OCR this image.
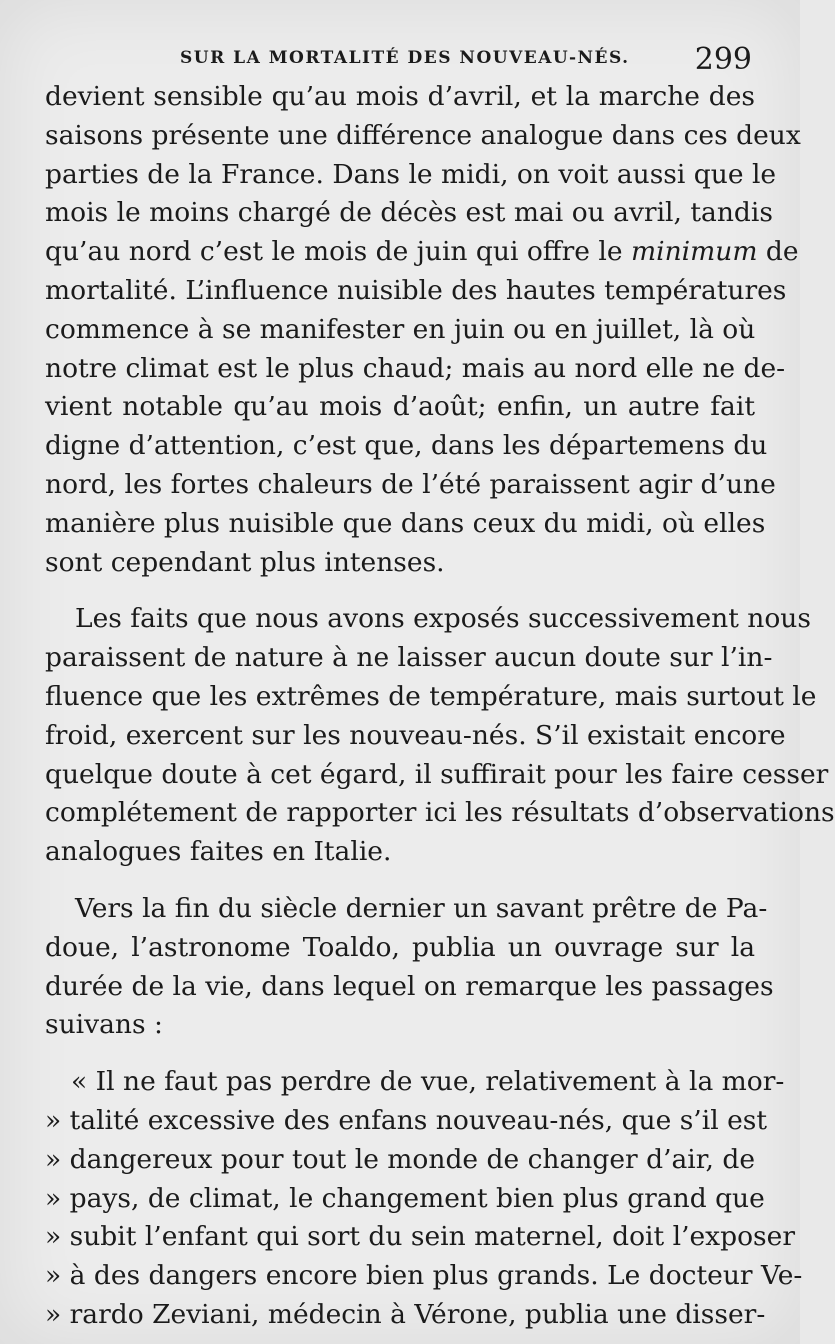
SUR LA MORTALITÉ DES NOUVEAU-NÉS. 299

devient sensible qu’au mois d’avril, et la marche des
saisons présente une différence analogue dans ces deux
parties de la France. Dans le midi, on voit aussi que le
mois le moins chargé de décès est mai ou avril, tandis
qu’au nord c’est le mois de juin qui offre le minimum de
mortalité. L’influence nuisible des hautes températures
commence à se manifester en juin ou en juillet, là où
notre climat est le plus chaud; mais au nord elle ne de-
vient notable qu’au mois d’août; enfin, un autre fait
digne d’attention, c’est que, dans les départemens du
nord, les fortes chaleurs de l’été paraissent agir d’une
manière plus nuisible que dans ceux du midi, où elles
sont cependant plus intenses.

Les faits que nous avons exposés successivement nous
paraissent de nature à ne laisser aucun doute sur l’in-
fluence que les extrêmes de température, mais surtout le
froid, exercent sur les nouveau-nés. S’il existait encore
quelque doute à cet égard, il suffirait pour les faire cesser
complétement de rapporter ici les résultats d’observations
analogues faites en Italie.

Vers la fin du siècle dernier un savant prêtre de Pa-
doue, l’astronome Toaldo, publia un ouvrage sur la
durée de la vie, dans lequel on remarque les passages
suivans :

« Il ne faut pas perdre de vue, relativement à la mor-
» talité excessive des enfans nouveau-nés, que s’il est
» dangereux pour tout le monde de changer d’air, de
» pays, de climat, le changement bien plus grand que
» subit l’enfant qui sort du sein maternel, doit l’exposer
» à des dangers encore bien plus grands. Le docteur Ve-
» rardo Zeviani, médecin à Vérone, publia une disser-
